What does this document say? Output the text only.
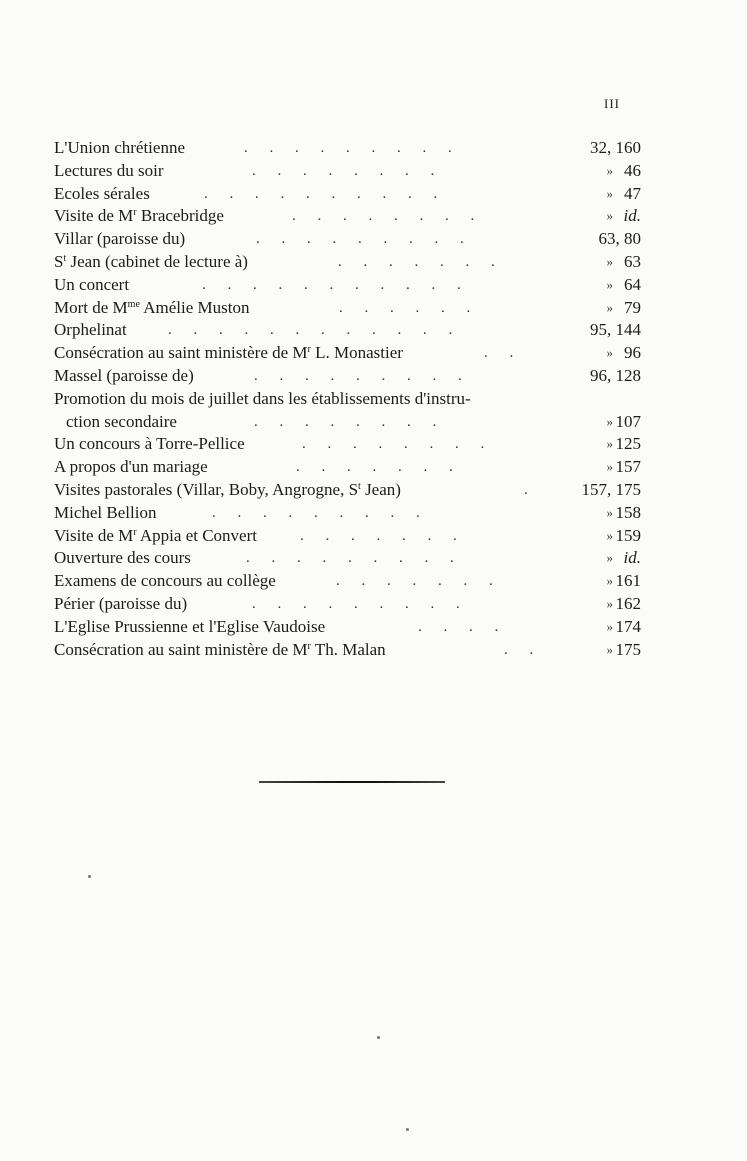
III
L'Union chrétienne	. . . . . . . . .	32, 160
Lectures du soir	. . . . . . . .	» 46
Ecoles sérales	. . . . . . . . . .	» 47
Visite de $M^r$ Bracebridge	. . . . . . . .	» id.
Villar (paroisse du)	. . . . . . . . .	63, 80
$S^t$ Jean (cabinet de lecture à)	. . . . . . .	» 63
Un concert	. . . . . . . . . . .	» 64
Mort de $M^{me}$ Amélie Muston	. . . . . .	» 79
Orphelinat	. . . . . . . . . . . .	95, 144
Consécration au saint ministère de $M^r$ L. Monastier	. .	» 96
Massel (paroisse de)	. . . . . . . . .	96, 128
Promotion du mois de juillet dans les établissements d'instru-
ction secondaire	. . . . . . . .	» 107
Un concours à Torre-Pellice	. . . . . . . .	» 125
A propos d'un mariage	. . . . . . .	» 157
Visites pastorales (Villar, Boby, Angrogne, $S^t$ Jean)	.	157, 175
Michel Bellion	. . . . . . . . .	» 158
Visite de $M^r$ Appia et Convert	. . . . . . .	» 159
Ouverture des cours	. . . . . . . . .	» id.
Examens de concours au collège	. . . . . . .	» 161
Périer (paroisse du)	. . . . . . . . .	» 162
L'Eglise Prussienne et l'Eglise Vaudoise	. . . .	» 174
Consécration au saint ministère de $M^r$ Th. Malan	. .	» 175
